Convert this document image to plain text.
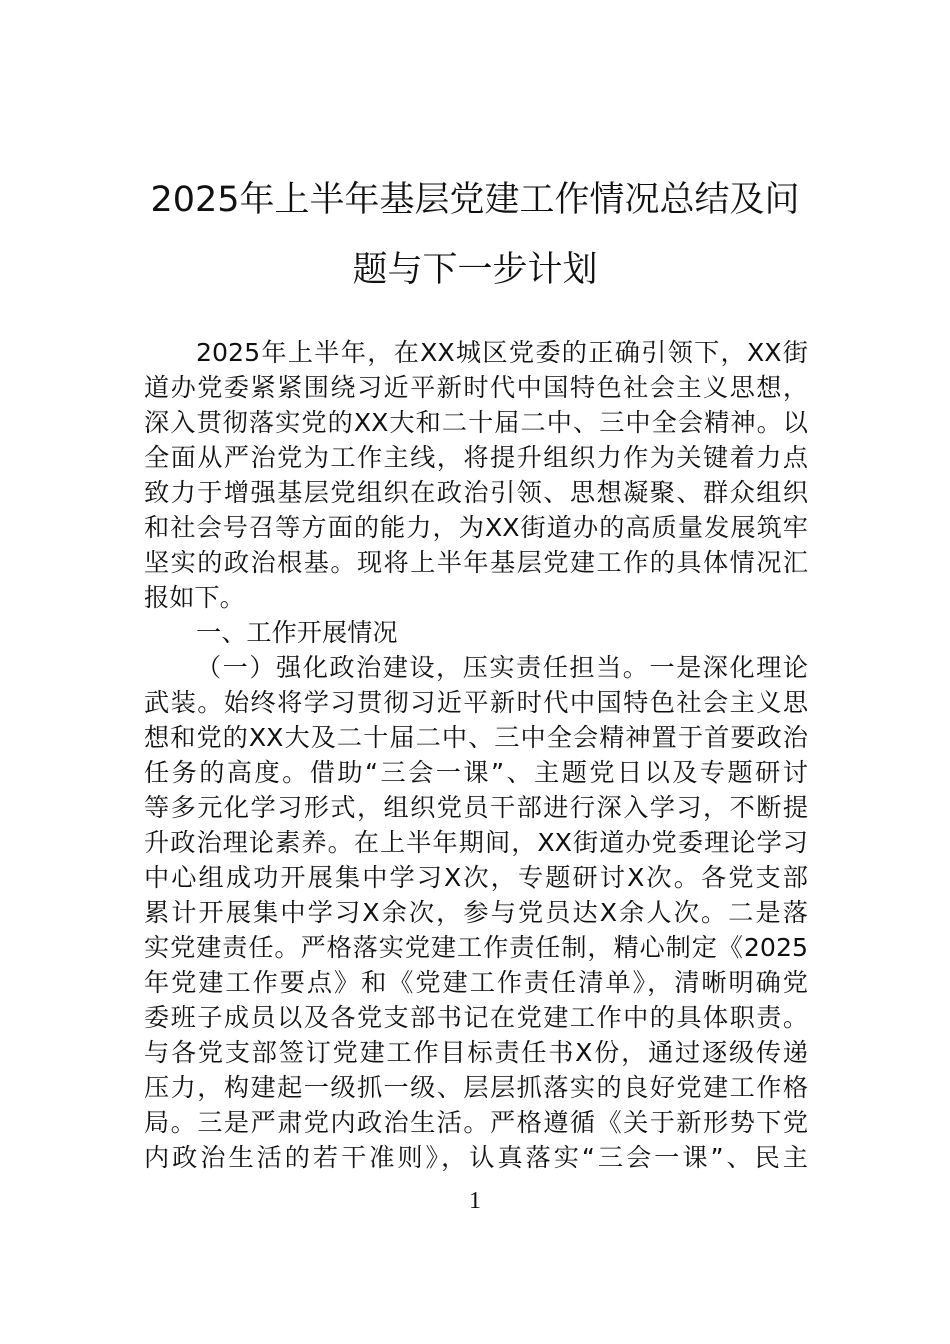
2025年上半年基层党建工作情况总结及问
题与下一步计划
2025年上半年，在XX城区党委的正确引领下，XX街
道办党委紧紧围绕习近平新时代中国特色社会主义思想，
深入贯彻落实党的XX大和二十届二中、三中全会精神。以
全面从严治党为工作主线，将提升组织力作为关键着力点
致力于增强基层党组织在政治引领、思想凝聚、群众组织
和社会号召等方面的能力，为XX街道办的高质量发展筑牢
坚实的政治根基。现将上半年基层党建工作的具体情况汇
报如下。
一、工作开展情况
（一）强化政治建设，压实责任担当。一是深化理论
武装。始终将学习贯彻习近平新时代中国特色社会主义思
想和党的XX大及二十届二中、三中全会精神置于首要政治
任务的高度。借助“三会一课”、主题党日以及专题研讨
等多元化学习形式，组织党员干部进行深入学习，不断提
升政治理论素养。在上半年期间，XX街道办党委理论学习
中心组成功开展集中学习X次，专题研讨X次。各党支部
累计开展集中学习X余次，参与党员达X余人次。二是落
实党建责任。严格落实党建工作责任制，精心制定《2025
年党建工作要点》和《党建工作责任清单》，清晰明确党
委班子成员以及各党支部书记在党建工作中的具体职责。
与各党支部签订党建工作目标责任书X份，通过逐级传递
压力，构建起一级抓一级、层层抓落实的良好党建工作格
局。三是严肃党内政治生活。严格遵循《关于新形势下党
内政治生活的若干准则》，认真落实“三会一课”、民主
1
